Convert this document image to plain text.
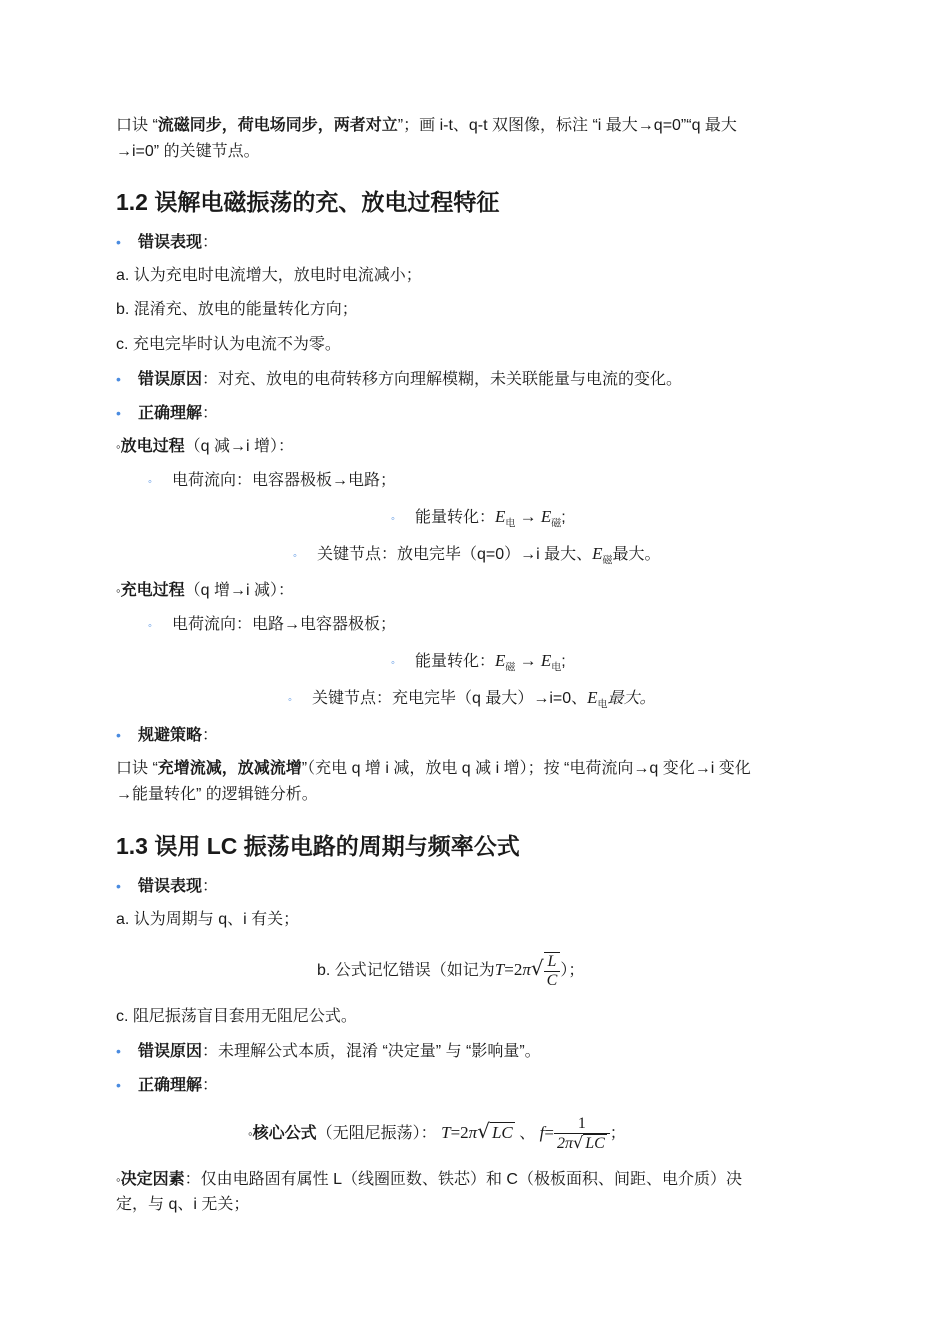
口诀 “流磁同步，荷电场同步，两者对立”；画 i-t、q-t 双图像，标注 “i 最大→q=0”“q 最大
→i=0” 的关键节点。
1.2 误解电磁振荡的充、放电过程特征
• 错误表现：
a. 认为充电时电流增大，放电时电流减小；
b. 混淆充、放电的能量转化方向；
c. 充电完毕时认为电流不为零。
• 错误原因：对充、放电的电荷转移方向理解模糊，未关联能量与电流的变化。
• 正确理解：
◦放电过程（q 减→i 增）：
◦ 电荷流向：电容器极板→电路；
◦ 能量转化：$E_电 \to E_磁$;
◦ 关键节点：放电完毕（q=0）→i 最大、$E_磁$最大。
◦充电过程（q 增→i 减）：
◦ 电荷流向：电路→电容器极板；
◦ 能量转化：$E_磁 \to E_电$;
◦ 关键节点：充电完毕（q 最大）→i=0、$E_电$最大。
• 规避策略：
口诀 “充增流减，放减流增”（充电 q 增 i 减，放电 q 减 i 增）；按 “电荷流向→q 变化→i 变化
→能量转化” 的逻辑链分析。
1.3 误用 LC 振荡电路的周期与频率公式
• 错误表现：
a. 认为周期与 q、i 有关；
b. 公式记忆错误（如记为$T=2\pi√ \frac{L}{C}$ ）；
c. 阻尼振荡盲目套用无阻尼公式。
• 错误原因：未理解公式本质，混淆 “决定量” 与 “影响量”。
• 正确理解：
◦核心公式（无阻尼振荡）： T=2π√ LC 、 $f= \frac{1}{2\pi√ LC}$ ；
◦决定因素：仅由电路固有属性 L（线圈匝数、铁芯）和 C（极板面积、间距、电介质）决
定，与 q、i 无关；
